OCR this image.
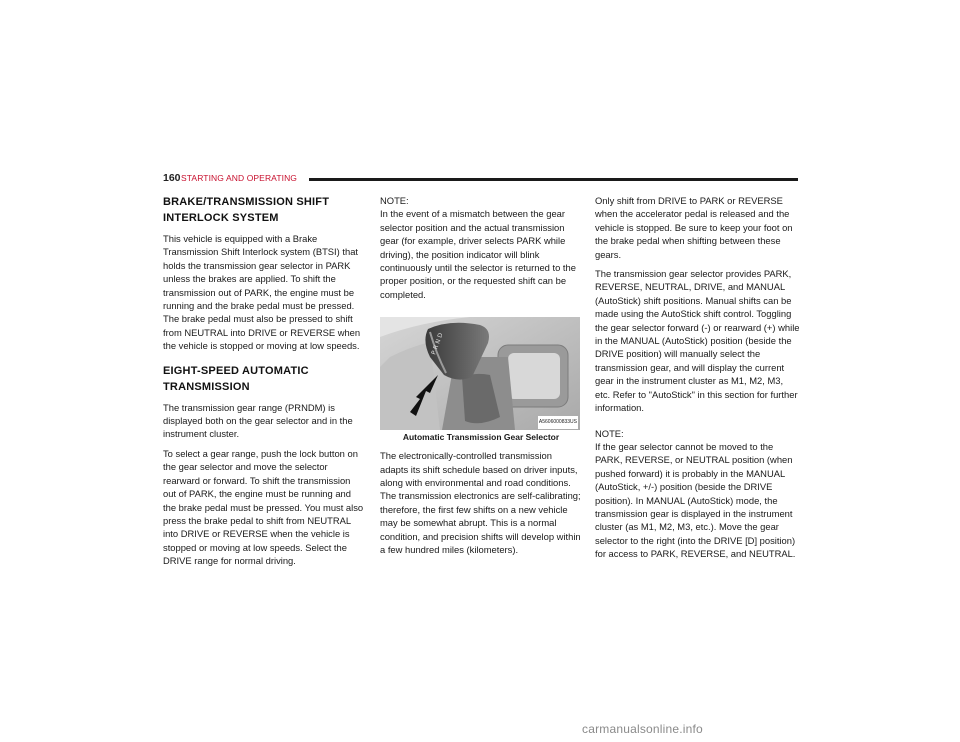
160 STARTING AND OPERATING
BRAKE/TRANSMISSION SHIFT
INTERLOCK SYSTEM

This vehicle is equipped with a Brake Transmission Shift Interlock system (BTSI) that holds the transmission gear selector in PARK unless the brakes are applied. To shift the transmission out of PARK, the engine must be running and the brake pedal must be pressed. The brake pedal must also be pressed to shift from NEUTRAL into DRIVE or REVERSE when the vehicle is stopped or moving at low speeds.

EIGHT-SPEED AUTOMATIC
TRANSMISSION

The transmission gear range (PRNDM) is displayed both on the gear selector and in the instrument cluster.

To select a gear range, push the lock button on the gear selector and move the selector rearward or forward. To shift the transmission out of PARK, the engine must be running and the brake pedal must be pressed. You must also press the brake pedal to shift from NEUTRAL into DRIVE or REVERSE when the vehicle is stopped or moving at low speeds. Select the DRIVE range for normal driving.

NOTE:

In the event of a mismatch between the gear selector position and the actual transmission gear (for example, driver selects PARK while driving), the position indicator will blink continuously until the selector is returned to the proper position, or the requested shift can be completed.

P R N D
A5606000833US

Automatic Transmission Gear Selector

The electronically-controlled transmission adapts its shift schedule based on driver inputs, along with environmental and road conditions. The transmission electronics are self-calibrating; therefore, the first few shifts on a new vehicle may be somewhat abrupt. This is a normal condition, and precision shifts will develop within a few hundred miles (kilometers).

Only shift from DRIVE to PARK or REVERSE when the accelerator pedal is released and the vehicle is stopped. Be sure to keep your foot on the brake pedal when shifting between these gears.

The transmission gear selector provides PARK, REVERSE, NEUTRAL, DRIVE, and MANUAL (AutoStick) shift positions. Manual shifts can be made using the AutoStick shift control. Toggling the gear selector forward (-) or rearward (+) while in the MANUAL (AutoStick) position (beside the DRIVE position) will manually select the transmission gear, and will display the current gear in the instrument cluster as M1, M2, M3, etc. Refer to "AutoStick" in this section for further information.

NOTE:

If the gear selector cannot be moved to the PARK, REVERSE, or NEUTRAL position (when pushed forward) it is probably in the MANUAL (AutoStick, +/-) position (beside the DRIVE position). In MANUAL (AutoStick) mode, the transmission gear is displayed in the instrument cluster (as M1, M2, M3, etc.). Move the gear selector to the right (into the DRIVE [D] position) for access to PARK, REVERSE, and NEUTRAL.

carmanualsonline.info
